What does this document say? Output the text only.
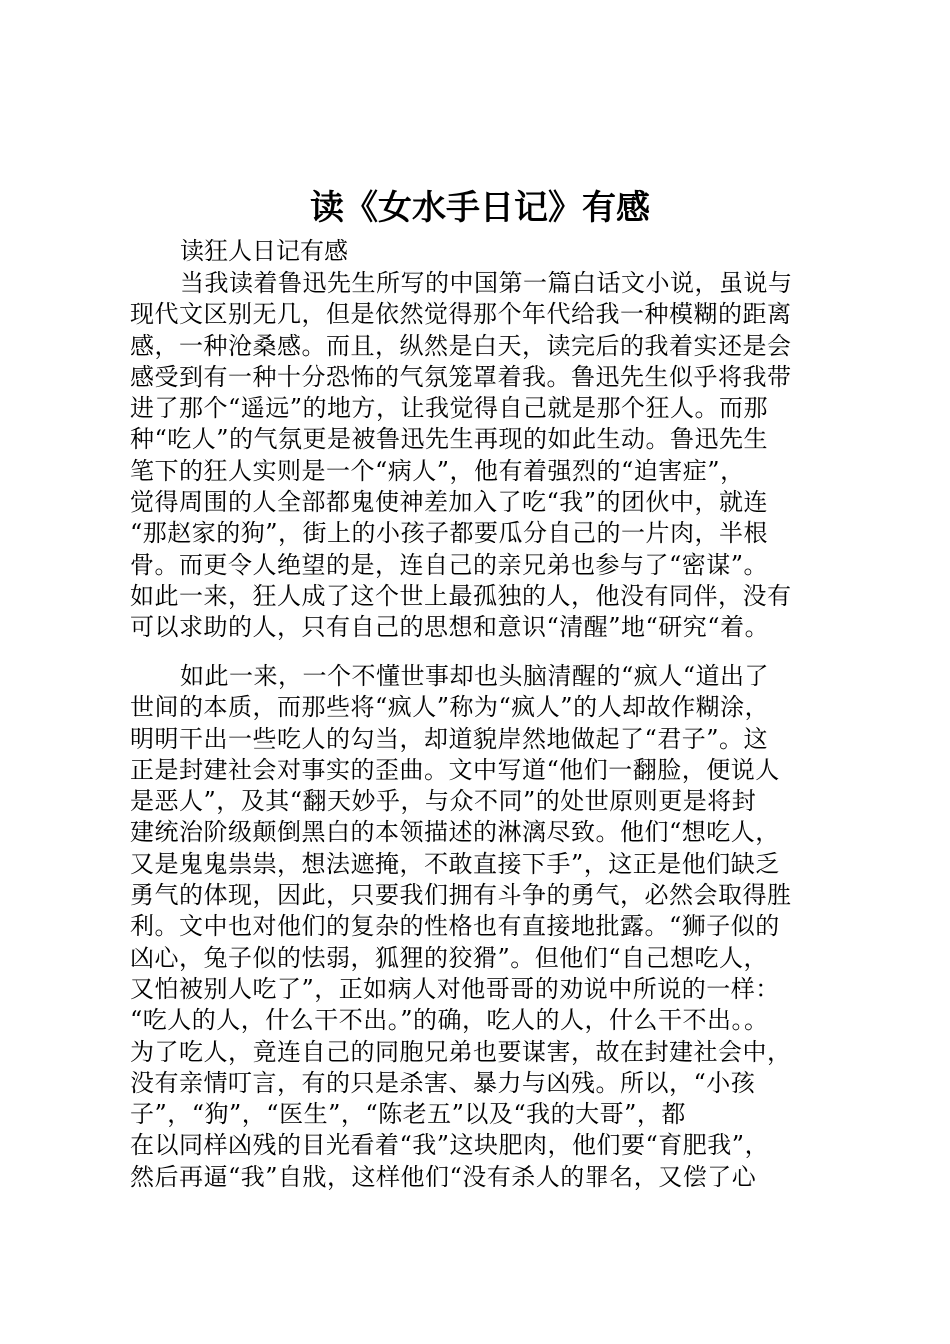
读《女水手日记》有感

读狂人日记有感

当我读着鲁迅先生所写的中国第一篇白话文小说，虽说与
现代文区别无几，但是依然觉得那个年代给我一种模糊的距离
感，一种沧桑感。而且，纵然是白天，读完后的我着实还是会
感受到有一种十分恐怖的气氛笼罩着我。鲁迅先生似乎将我带
进了那个“遥远”的地方，让我觉得自己就是那个狂人。而那
种“吃人”的气氛更是被鲁迅先生再现的如此生动。鲁迅先生
笔下的狂人实则是一个“病人”，他有着强烈的“迫害症”，
觉得周围的人全部都鬼使神差加入了吃“我”的团伙中，就连
“那赵家的狗”，街上的小孩子都要瓜分自己的一片肉，半根
骨。而更令人绝望的是，连自己的亲兄弟也参与了“密谋”。
如此一来，狂人成了这个世上最孤独的人，他没有同伴，没有
可以求助的人，只有自己的思想和意识“清醒”地“研究“着。
如此一来，一个不懂世事却也头脑清醒的“疯人“道出了
世间的本质，而那些将“疯人”称为“疯人”的人却故作糊涂，
明明干出一些吃人的勾当，却道貌岸然地做起了“君子”。这
正是封建社会对事实的歪曲。文中写道“他们一翻脸，便说人
是恶人”，及其“翻天妙乎，与众不同”的处世原则更是将封
建统治阶级颠倒黑白的本领描述的淋漓尽致。他们“想吃人，
又是鬼鬼祟祟，想法遮掩，不敢直接下手”，这正是他们缺乏
勇气的体现，因此，只要我们拥有斗争的勇气，必然会取得胜
利。文中也对他们的复杂的性格也有直接地批露。“狮子似的
凶心，兔子似的怯弱，狐狸的狡猾”。但他们“自己想吃人，
又怕被别人吃了”，正如病人对他哥哥的劝说中所说的一样：
“吃人的人，什么干不出。”的确，吃人的人，什么干不出。。
为了吃人，竟连自己的同胞兄弟也要谋害，故在封建社会中，
没有亲情叮言，有的只是杀害、暴力与凶残。所以，“小孩
子”，“狗”，“医生”，“陈老五”以及“我的大哥”，都
在以同样凶残的目光看着“我”这块肥肉，他们要“育肥我”，
然后再逼“我”自戕，这样他们“没有杀人的罪名，又偿了心
